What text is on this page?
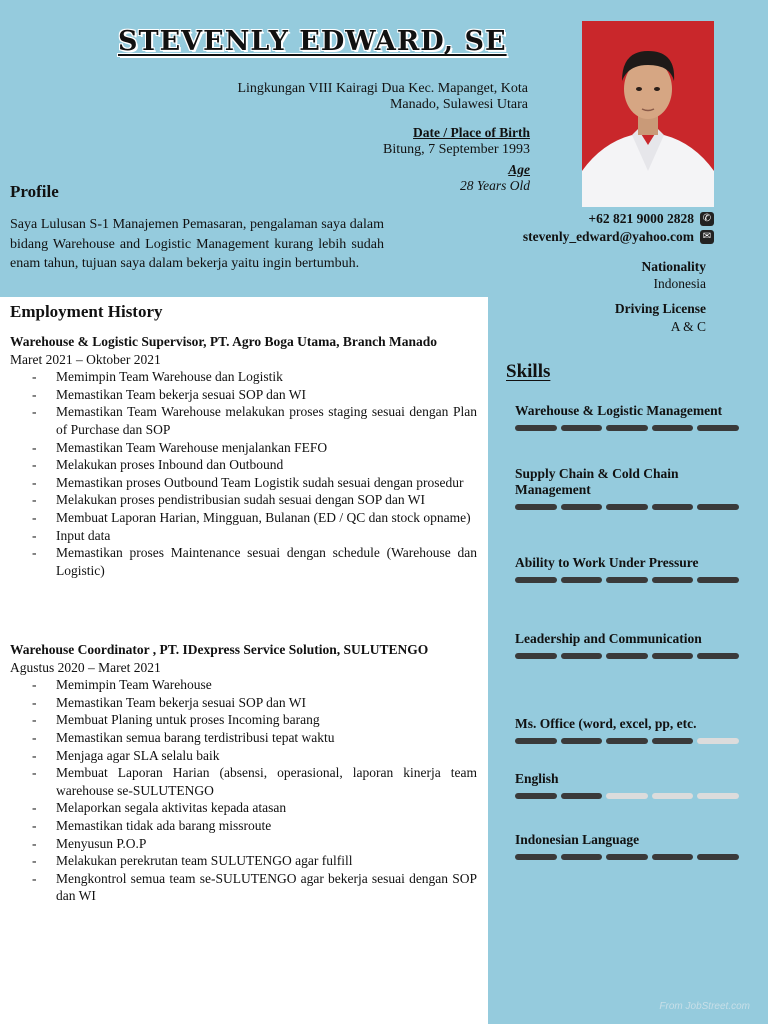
STEVENLY EDWARD, SE
Lingkungan VIII Kairagi Dua Kec. Mapanget, Kota Manado, Sulawesi Utara
Date / Place of Birth
Bitung, 7 September 1993
Age
28 Years Old
Profile
Saya Lulusan S-1 Manajemen Pemasaran, pengalaman saya dalam bidang Warehouse and Logistic Management kurang lebih sudah enam tahun, tujuan saya dalam bekerja yaitu ingin bertumbuh.
+62 821 9000 2828 ✆
stevenly_edward@yahoo.com ✉
Nationality
Indonesia
Driving License
A & C
Employment History
Warehouse & Logistic Supervisor, PT. Agro Boga Utama, Branch Manado
Maret 2021 – Oktober 2021
- Memimpin Team Warehouse dan Logistik
- Memastikan Team bekerja sesuai SOP dan WI
- Memastikan Team Warehouse melakukan proses staging sesuai dengan Plan of Purchase dan SOP
- Memastikan Team Warehouse menjalankan FEFO
- Melakukan proses Inbound dan Outbound
- Memastikan proses Outbound Team Logistik sudah sesuai dengan prosedur
- Melakukan proses pendistribusian sudah sesuai dengan SOP dan WI
- Membuat Laporan Harian, Mingguan, Bulanan (ED / QC dan stock opname)
- Input data
- Memastikan proses Maintenance sesuai dengan schedule (Warehouse dan Logistic)
Warehouse Coordinator , PT. IDexpress Service Solution, SULUTENGO
Agustus 2020 – Maret 2021
- Memimpin Team Warehouse
- Memastikan Team bekerja sesuai SOP dan WI
- Membuat Planing untuk proses Incoming barang
- Memastikan semua barang terdistribusi tepat waktu
- Menjaga agar SLA selalu baik
- Membuat Laporan Harian (absensi, operasional, laporan kinerja team warehouse se-SULUTENGO
- Melaporkan segala aktivitas kepada atasan
- Memastikan tidak ada barang missroute
- Menyusun P.O.P
- Melakukan perekrutan team SULUTENGO agar fulfill
- Mengkontrol semua team se-SULUTENGO agar bekerja sesuai dengan SOP dan WI
Skills
Warehouse & Logistic Management
Supply Chain & Cold Chain Management
Ability to Work Under Pressure
Leadership and Communication
Ms. Office (word, excel, pp, etc.
English
Indonesian Language
From JobStreet.com
